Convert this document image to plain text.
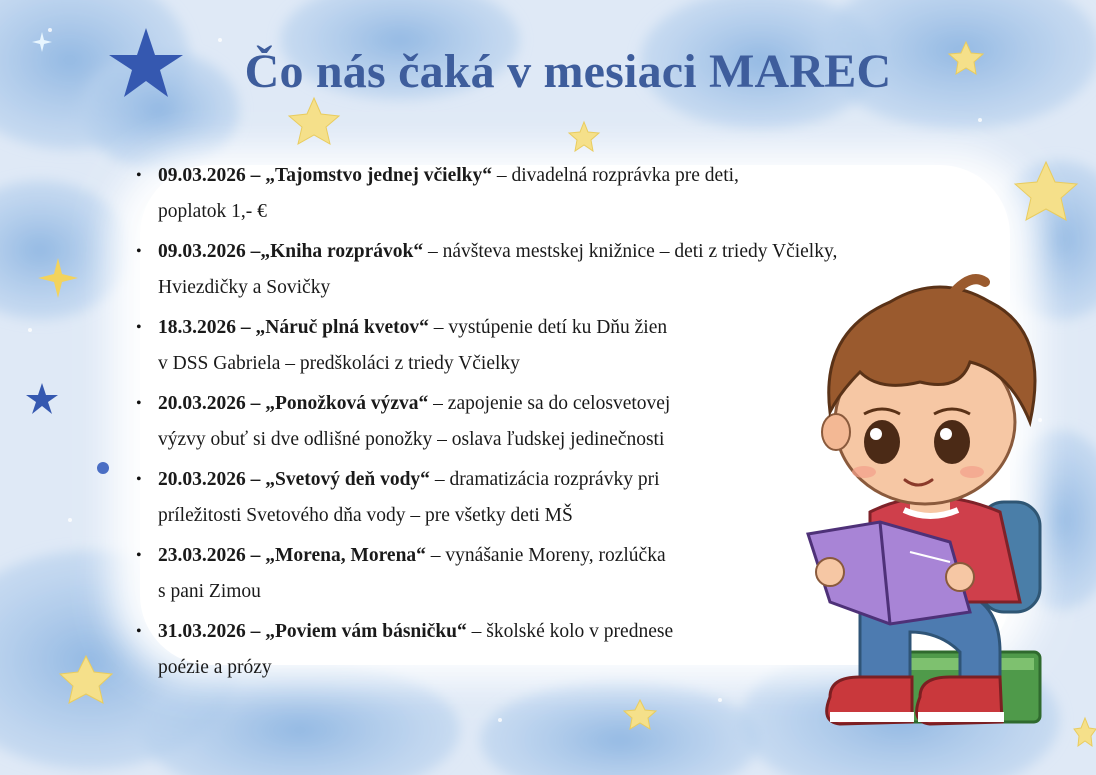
Čo nás čaká v mesiaci MAREC
• 09.03.2026 – „Tajomstvo jednej včielky“ – divadelná rozprávka pre deti,
poplatok 1,- €
• 09.03.2026 –„Kniha rozprávok“ – návšteva mestskej knižnice – deti z triedy Včielky,
Hviezdičky a Sovičky
• 18.3.2026 – „Náruč plná kvetov“ – vystúpenie detí ku Dňu žien
v DSS Gabriela – predškoláci z triedy Včielky
• 20.03.2026 – „Ponožková výzva“ – zapojenie sa do celosvetovej
výzvy obuť si dve odlišné ponožky – oslava ľudskej jedinečnosti
• 20.03.2026 – „Svetový deň vody“ – dramatizácia rozprávky pri
príležitosti Svetového dňa vody – pre všetky deti MŠ
• 23.03.2026 – „Morena, Morena“ – vynášanie Moreny, rozlúčka
s pani Zimou
• 31.03.2026 – „Poviem vám básničku“ – školské kolo v prednese
poézie a prózy
